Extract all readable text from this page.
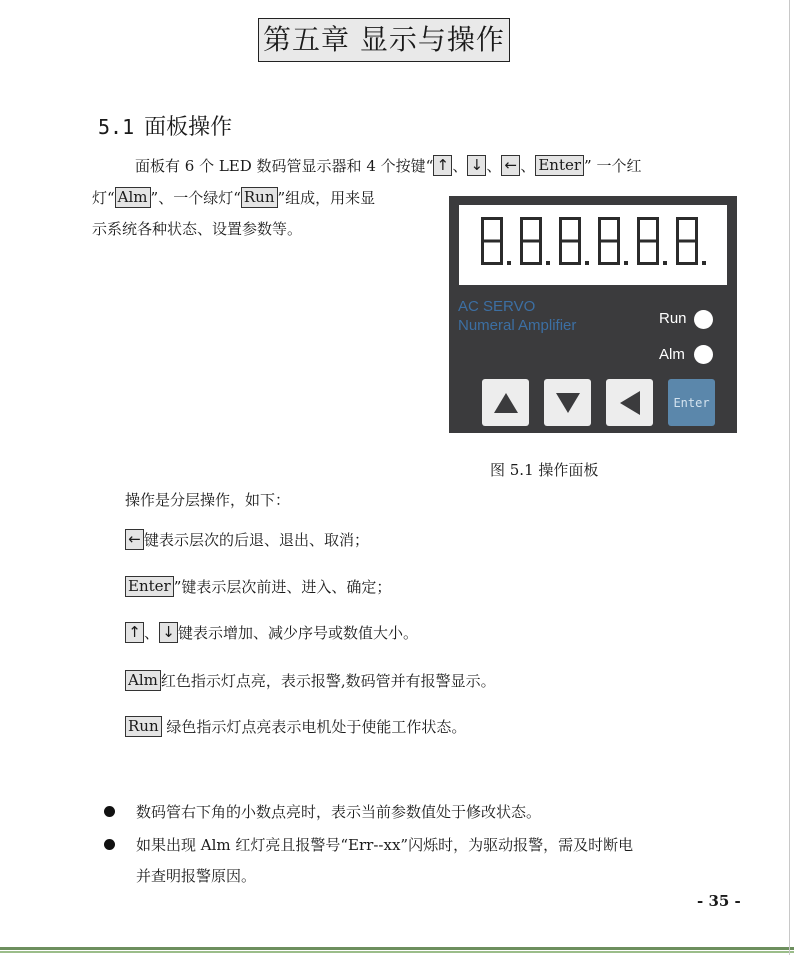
第五章 显示与操作
5.1 面板操作
面板有 6 个 LED 数码管显示器和 4 个按键“ ↑ 、 ↓ 、 ← 、 Enter ” 一个红
灯“ Alm ”、一个绿灯“ Run ”组成，用来显
示系统各种状态、设置参数等。
AC SERVO
Numeral Amplifier	Run
Alm
Enter
图 5.1 操作面板
操作是分层操作，如下：
← 键表示层次的后退、退出、取消；
Enter ”键表示层次前进、进入、确定；
↑ 、 ↓ 键表示增加、减少序号或数值大小。
Alm 红色指示灯点亮，表示报警,数码管并有报警显示。
Run 绿色指示灯点亮表示电机处于使能工作状态。
数码管右下角的小数点亮时，表示当前参数值处于修改状态。
如果出现 Alm 红灯亮且报警号“Err--xx”闪烁时，为驱动报警，需及时断电
并查明报警原因。
- 35 -
